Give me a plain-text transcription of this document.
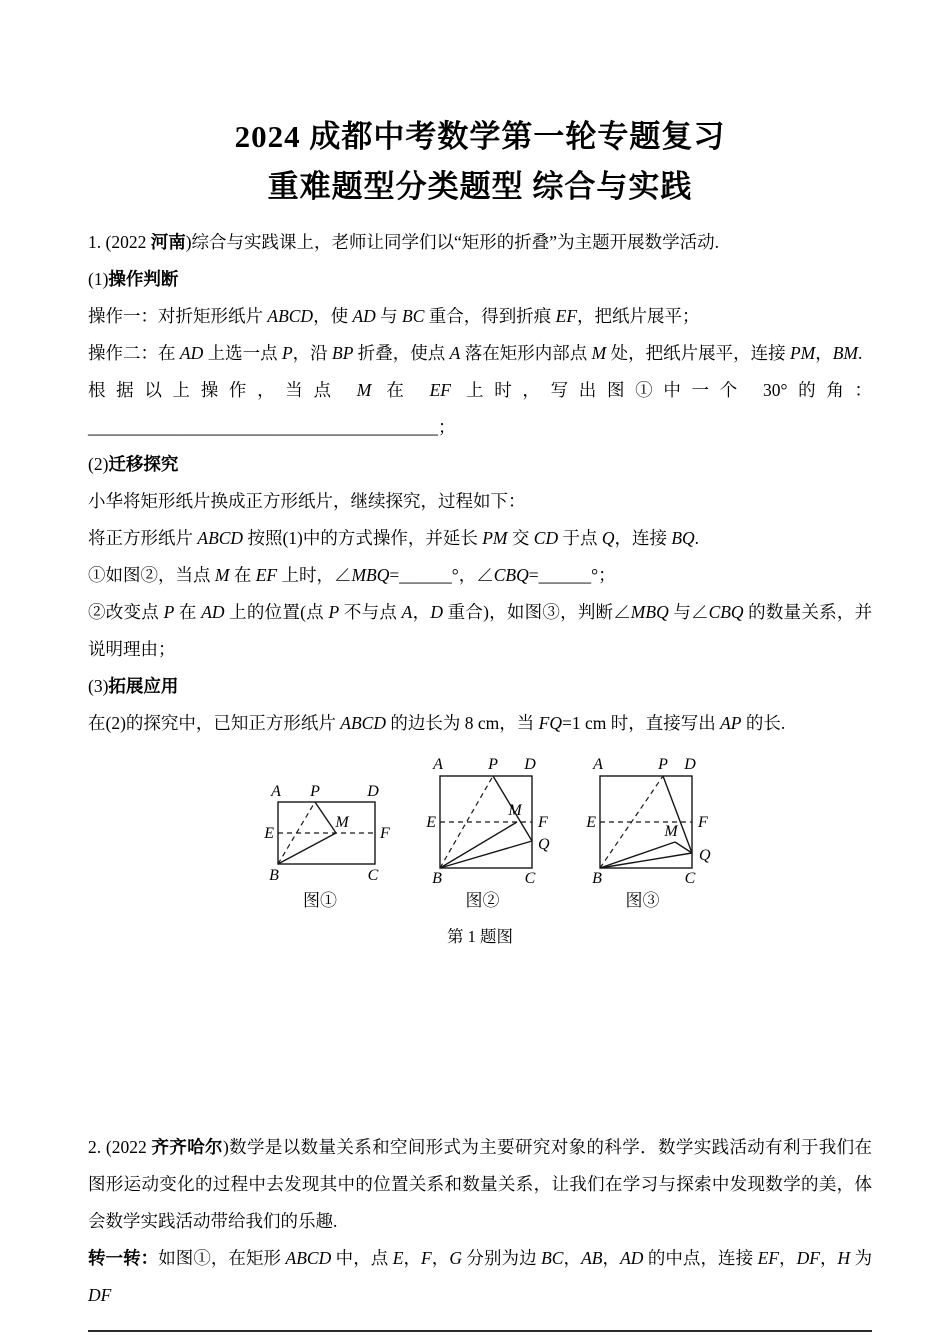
2024 成都中考数学第一轮专题复习
重难题型分类题型 综合与实践

1. (2022 河南)综合与实践课上，老师让同学们以“矩形的折叠”为主题开展数学活动.

(1)操作判断

操作一：对折矩形纸片 ABCD，使 AD 与 BC 重合，得到折痕 EF，把纸片展平；

操作二：在 AD 上选一点 P，沿 BP 折叠，使点 A 落在矩形内部点 M 处，把纸片展平，连接 PM，BM.

根据以上操作，当点 M 在 EF 上时，写出图①中一个 30°的角：________________________________________；

(2)迁移探究

小华将矩形纸片换成正方形纸片，继续探究，过程如下：

将正方形纸片 ABCD 按照(1)中的方式操作，并延长 PM 交 CD 于点 Q，连接 BQ.

①如图②，当点 M 在 EF 上时，∠MBQ=______°，∠CBQ=______°；

②改变点 P 在 AD 上的位置(点 P 不与点 A，D 重合)，如图③，判断∠MBQ 与∠CBQ 的数量关系，并说明理由；

(3)拓展应用

在(2)的探究中，已知正方形纸片 ABCD 的边长为 8 cm，当 FQ=1 cm 时，直接写出 AP 的长.

A P	D
E	F
M
B	C
图①
A	P D
E	F
M
Q
B	C
图②
A	P D
E	F
M
Q
B	C
图③
第 1 题图

2. (2022 齐齐哈尔)数学是以数量关系和空间形式为主要研究对象的科学．数学实践活动有利于我们在图形运动变化的过程中去发现其中的位置关系和数量关系，让我们在学习与探索中发现数学的美，体会数学实践活动带给我们的乐趣.

转一转：如图①，在矩形 ABCD 中，点 E，F，G 分别为边 BC，AB，AD 的中点，连接 EF，DF，H 为 DF
